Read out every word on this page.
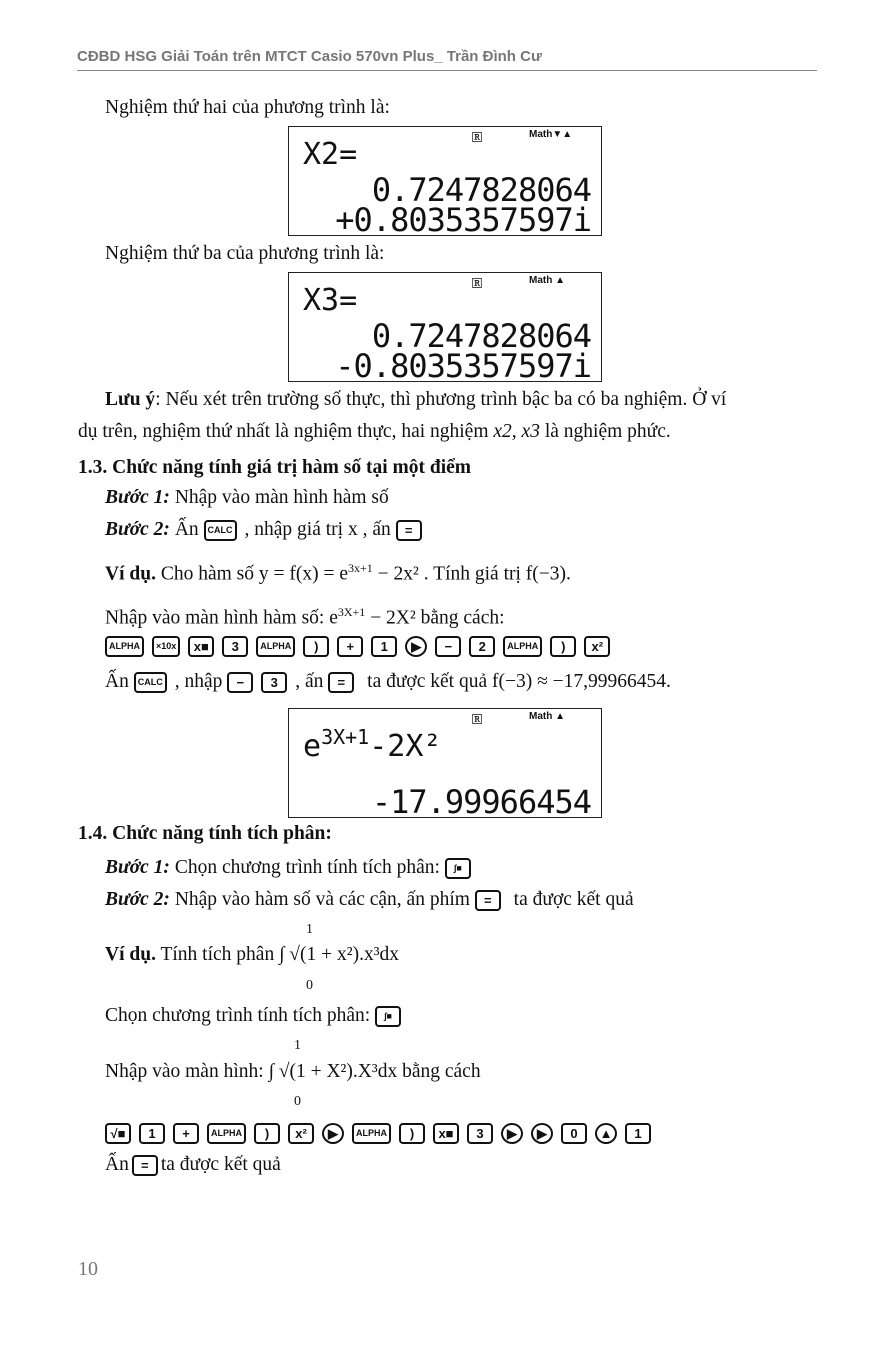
CĐBD HSG Giải Toán trên MTCT Casio 570vn Plus_ Trần Đình Cư
Nghiệm thứ hai của phương trình là:
🅁	Math▼▲
X2=
0.7247828064
+0.8035357597i
Nghiệm thứ ba của phương trình là:
🅁	Math ▲
X3=
0.7247828064
-0.8035357597i
Lưu ý: Nếu xét trên trường số thực, thì phương trình bậc ba có ba nghiệm. Ở ví
dụ trên, nghiệm thứ nhất là nghiệm thực, hai nghiệm x2, x3 là nghiệm phức.
1.3. Chức năng tính giá trị hàm số tại một điểm
Bước 1: Nhập vào màn hình hàm số
Bước 2: Ấn CALC , nhập giá trị x , ấn =
Ví dụ. Cho hàm số $y = f(x) = e^{3x+1} - 2x^2$ . Tính giá trị f(−3).
Nhập vào màn hình hàm số: $e^{3X+1} - 2X^2$ bằng cách:
ALPHA ×10x x■ 3 ALPHA ) + 1 ▶ − 2 ALPHA ) x²
Ấn CALC , nhập − 3 , ấn = ta được kết quả f(−3) ≈ −17,99966454.
🅁	Math ▲
$e^{3X+1}-2X^2$
-17.99966454
1.4. Chức năng tính tích phân:
Bước 1: Chọn chương trình tính tích phân: ∫■
Bước 2: Nhập vào hàm số và các cận, ấn phím = ta được kết quả
1
0
Ví dụ. Tính tích phân ∫ √(1 + x²).x³dx
Chọn chương trình tính tích phân: ∫■
1
0
Nhập vào màn hình: ∫ √(1 + X²).X³dx bằng cách
√■ 1 + ALPHA ) x² ▶ ALPHA ) x■ 3 ▶ ▶ 0 ▲ 1
Ấn = ta được kết quả
10
